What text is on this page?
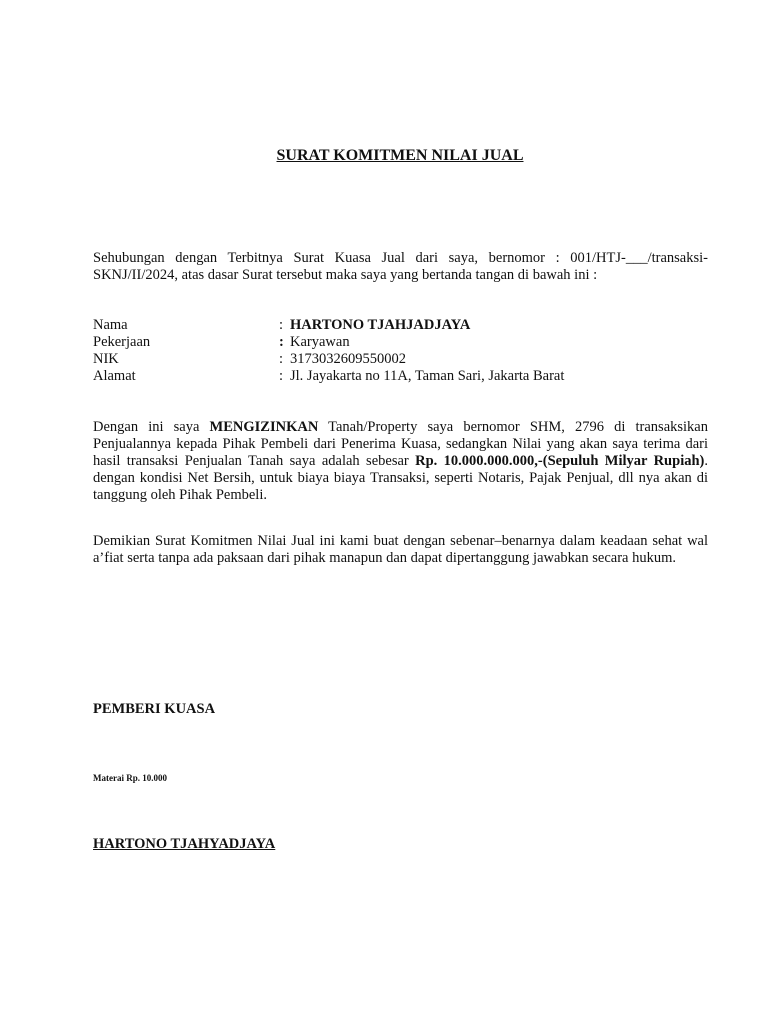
SURAT KOMITMEN NILAI JUAL

Sehubungan dengan Terbitnya Surat Kuasa Jual dari saya, bernomor : 001/HTJ-___/transaksi-SKNJ/II/2024, atas dasar Surat tersebut maka saya yang bertanda tangan di bawah ini :

Nama	: HARTONO TJAHJADJAYA
Pekerjaan	: Karyawan
NIK	: 3173032609550002
Alamat	: Jl. Jayakarta no 11A, Taman Sari, Jakarta Barat

Dengan ini saya MENGIZINKAN Tanah/Property saya bernomor SHM, 2796 di transaksikan Penjualannya kepada Pihak Pembeli dari Penerima Kuasa, sedangkan Nilai yang akan saya terima dari hasil transaksi Penjualan Tanah saya adalah sebesar Rp. 10.000.000.000,-(Sepuluh Milyar Rupiah). dengan kondisi Net Bersih, untuk biaya biaya Transaksi, seperti Notaris, Pajak Penjual, dll nya akan di tanggung oleh Pihak Pembeli.

Demikian Surat Komitmen Nilai Jual ini kami buat dengan sebenar–benarnya dalam keadaan sehat wal a’fiat serta tanpa ada paksaan dari pihak manapun dan dapat dipertanggung jawabkan secara hukum.

PEMBERI KUASA
Materai Rp. 10.000
HARTONO TJAHYADJAYA
